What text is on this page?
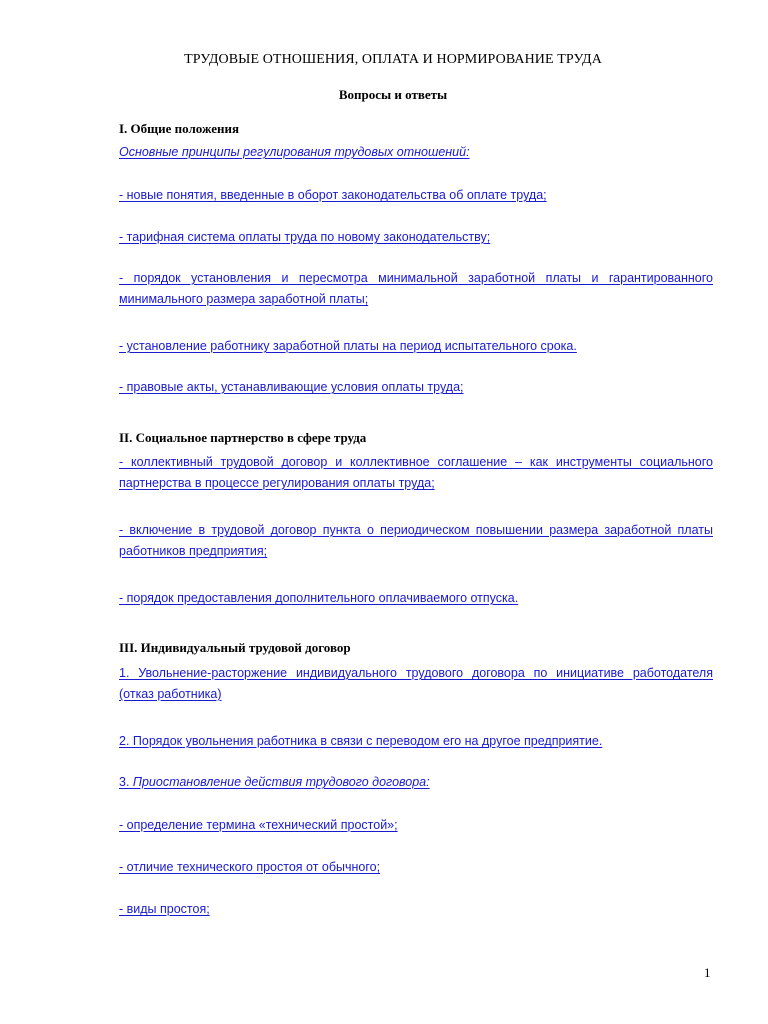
ТРУДОВЫЕ ОТНОШЕНИЯ, ОПЛАТА И НОРМИРОВАНИЕ ТРУДА
Вопросы и ответы
I. Общие положения
Основные принципы регулирования трудовых отношений:
- новые понятия, введенные в оборот законодательства об оплате труда;
- тарифная система оплаты труда по новому законодательству;
- порядок установления и пересмотра минимальной заработной платы и гарантированного минимального размера заработной платы;
- установление работнику заработной платы на период испытательного срока.
- правовые акты, устанавливающие условия оплаты труда;
II. Социальное партнерство в сфере труда
- коллективный трудовой договор и коллективное соглашение – как инструменты социального партнерства в процессе регулирования оплаты труда;
- включение в трудовой договор пункта о периодическом повышении размера заработной платы работников предприятия;
- порядок предоставления дополнительного оплачиваемого отпуска.
III. Индивидуальный трудовой договор
1. Увольнение-расторжение индивидуального трудового договора по инициативе работодателя (отказ работника)
2. Порядок увольнения работника в связи с переводом его на другое предприятие.
3. Приостановление действия трудового договора:
- определение термина «технический простой»;
- отличие технического простоя от обычного;
- виды простоя;
1
